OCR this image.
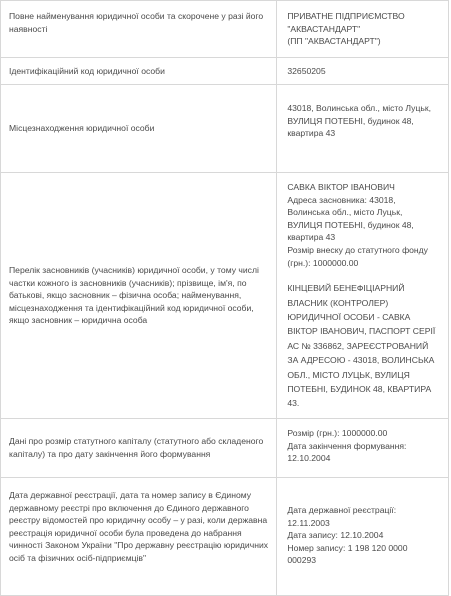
Повне найменування юридичної особи та скорочене у разі його наявності
ПРИВАТНЕ ПІДПРИЄМСТВО
"АКВАСТАНДАРТ"
(ПП "АКВАСТАНДАРТ")
Ідентифікаційний код юридичної особи	32650205
Місцезнаходження юридичної особи
43018, Волинська обл., місто Луцьк,
ВУЛИЦЯ ПОТЕБНІ, будинок 48,
квартира 43
Перелік засновників (учасників) юридичної особи, у тому числі частки кожного із засновників (учасників); прізвище, ім'я, по батькові, якщо засновник – фізична особа; найменування, місцезнаходження та ідентифікаційний код юридичної особи, якщо засновник – юридична особа
САВКА ВІКТОР ІВАНОВИЧ
Адреса засновника: 43018,
Волинська обл., місто Луцьк,
ВУЛИЦЯ ПОТЕБНІ, будинок 48,
квартира 43
Розмір внеску до статутного фонду
(грн.): 1000000.00
КІНЦЕВИЙ БЕНЕФІЦІАРНИЙ
ВЛАСНИК (КОНТРОЛЕР)
ЮРИДИЧНОЇ ОСОБИ - САВКА
ВІКТОР ІВАНОВИЧ, ПАСПОРТ СЕРІЇ
АС № 336862, ЗАРЕЄСТРОВАНИЙ
ЗА АДРЕСОЮ - 43018, ВОЛИНСЬКА
ОБЛ., МІСТО ЛУЦЬК, ВУЛИЦЯ
ПОТЕБНІ, БУДИНОК 48, КВАРТИРА
43.
Дані про розмір статутного капіталу (статутного або складеного капіталу) та про дату закінчення його формування
Розмір (грн.): 1000000.00
Дата закінчення формування:
12.10.2004
Дата державної реєстрації, дата та номер запису в Єдиному державному реєстрі про включення до Єдиного державного реєстру відомостей про юридичну особу – у разі, коли державна реєстрація юридичної особи була проведена до набрання чинності Законом України "Про державну реєстрацію юридичних осіб та фізичних осіб-підприємців"
Дата державної реєстрації:
12.11.2003
Дата запису: 12.10.2004
Номер запису: 1 198 120 0000
000293
